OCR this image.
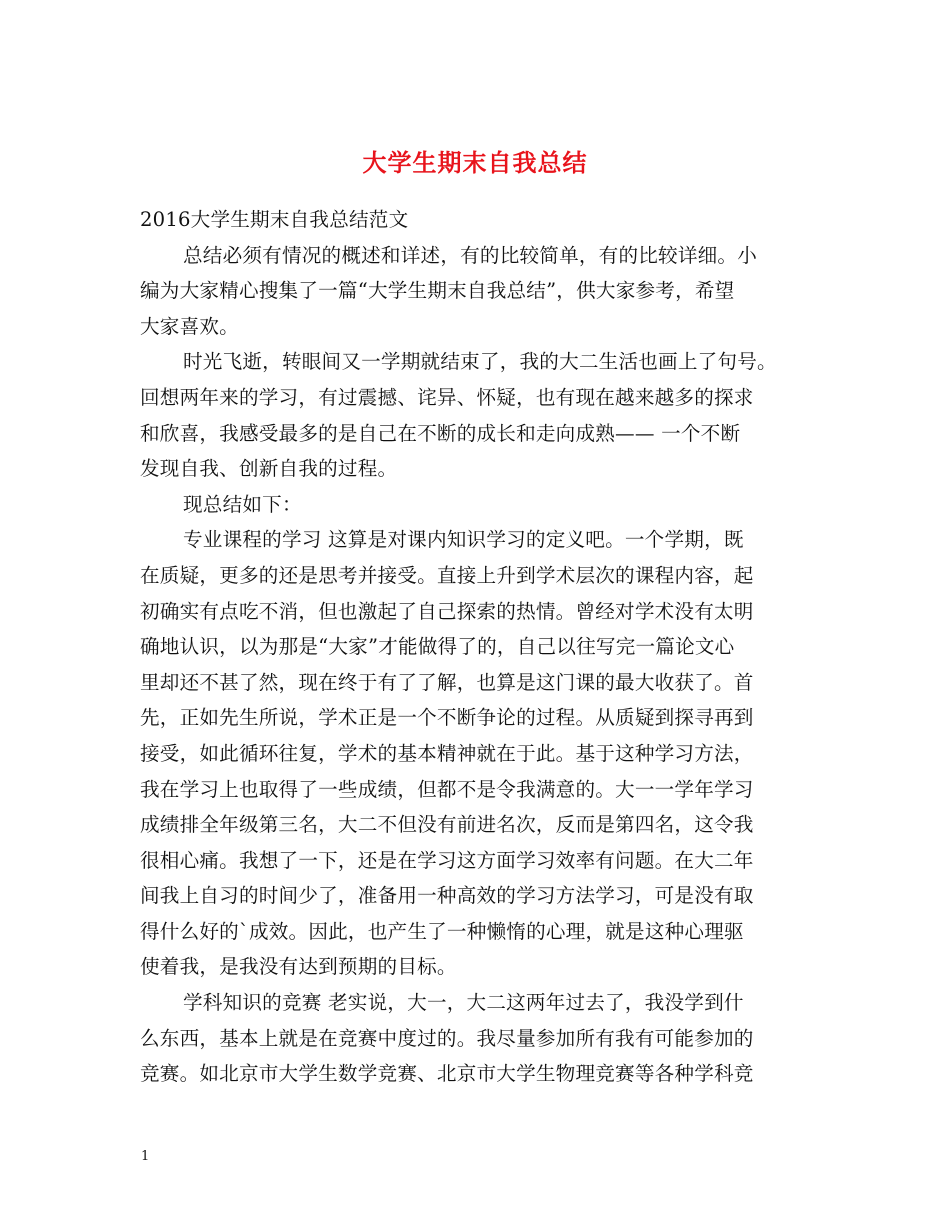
大学生期末自我总结

2016大学生期末自我总结范文

总结必须有情况的概述和详述，有的比较简单，有的比较详细。小

编为大家精心搜集了一篇“大学生期末自我总结”，供大家参考，希望

大家喜欢。

时光飞逝，转眼间又一学期就结束了，我的大二生活也画上了句号。

回想两年来的学习，有过震撼、诧异、怀疑，也有现在越来越多的探求

和欣喜，我感受最多的是自己在不断的成长和走向成熟—— 一个不断

发现自我、创新自我的过程。

现总结如下：

专业课程的学习 这算是对课内知识学习的定义吧。一个学期，既

在质疑，更多的还是思考并接受。直接上升到学术层次的课程内容，起

初确实有点吃不消，但也激起了自己探索的热情。曾经对学术没有太明

确地认识，以为那是“大家”才能做得了的，自己以往写完一篇论文心

里却还不甚了然，现在终于有了了解，也算是这门课的最大收获了。首

先，正如先生所说，学术正是一个不断争论的过程。从质疑到探寻再到

接受，如此循环往复，学术的基本精神就在于此。基于这种学习方法，

我在学习上也取得了一些成绩，但都不是令我满意的。大一一学年学习

成绩排全年级第三名，大二不但没有前进名次，反而是第四名，这令我

很相心痛。我想了一下，还是在学习这方面学习效率有问题。在大二年

间我上自习的时间少了，准备用一种高效的学习方法学习，可是没有取

得什么好的`成效。因此，也产生了一种懒惰的心理，就是这种心理驱

使着我，是我没有达到预期的目标。

学科知识的竞赛 老实说，大一，大二这两年过去了，我没学到什

么东西，基本上就是在竞赛中度过的。我尽量参加所有我有可能参加的

竞赛。如北京市大学生数学竞赛、北京市大学生物理竞赛等各种学科竞

1
